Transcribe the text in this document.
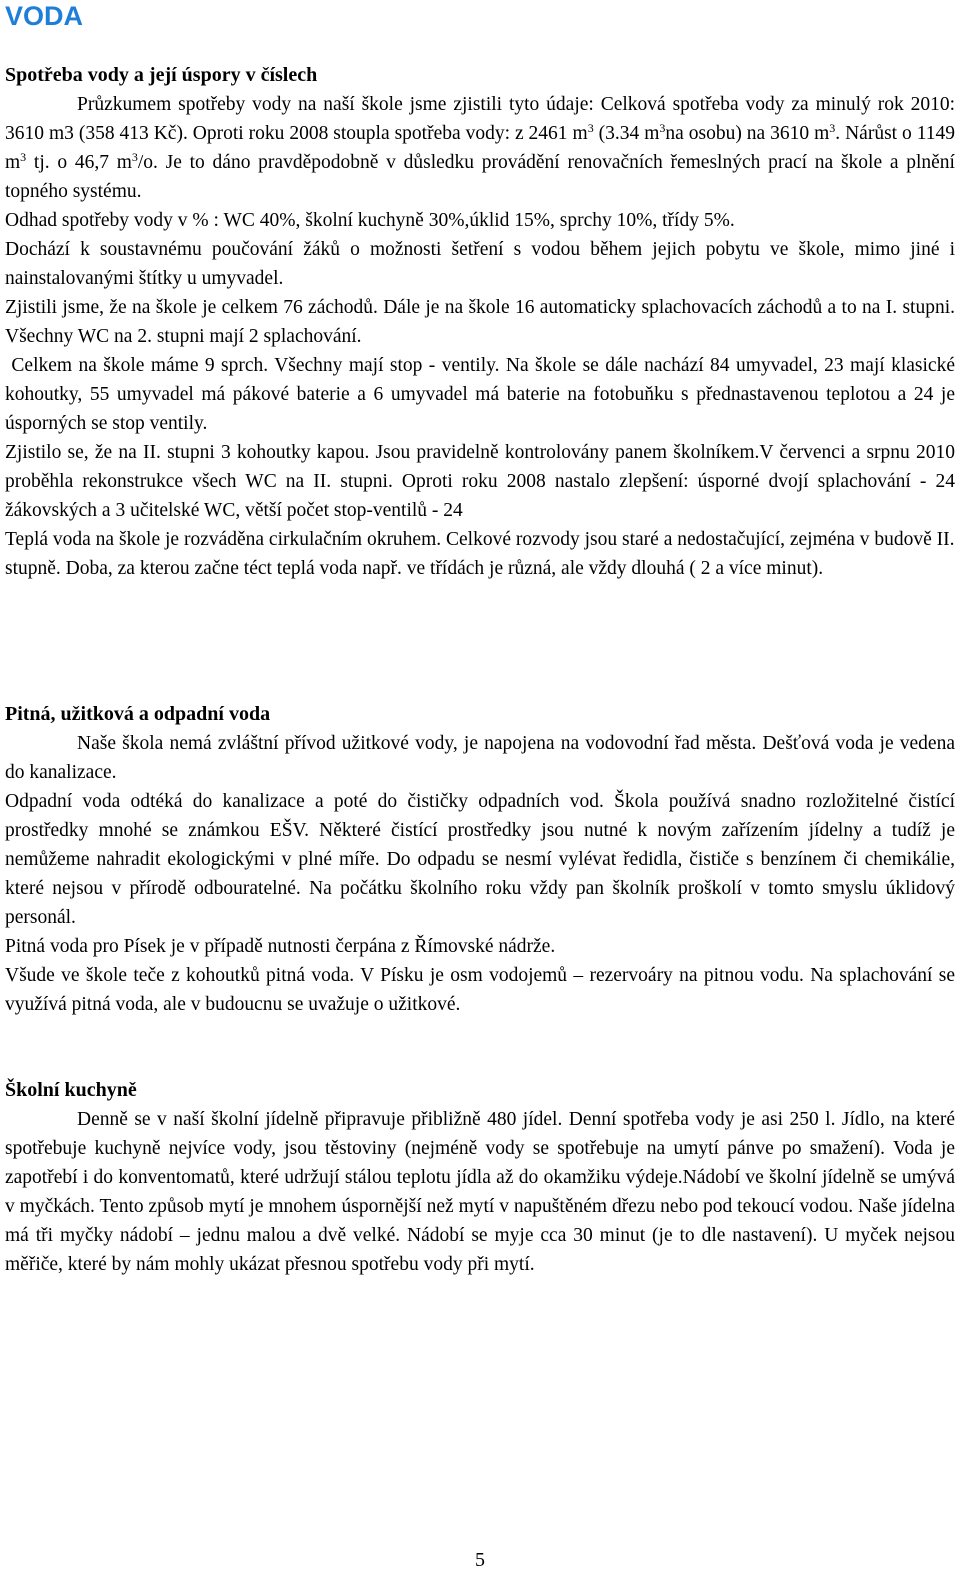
VODA
Spotřeba vody a její úspory v číslech

Průzkumem spotřeby vody na naší škole jsme zjistili tyto údaje: Celková spotřeba vody za minulý rok 2010: 3610 m3 (358 413 Kč). Oproti roku 2008 stoupla spotřeba vody: z 2461 $m^3$ (3.34 $m^3na$ osobu) na 3610 $m^3$. Nárůst o 1149 $m^3$ tj. o 46,7 $m^3/o$. Je to dáno pravděpodobně v důsledku provádění renovačních řemeslných prací na škole a plnění topného systému.

Odhad spotřeby vody v % : WC 40%, školní kuchyně 30%,úklid 15%, sprchy 10%, třídy 5%.

Dochází k soustavnému poučování žáků o možnosti šetření s vodou během jejich pobytu ve škole, mimo jiné i nainstalovanými štítky u umyvadel.

Zjistili jsme, že na škole je celkem 76 záchodů. Dále je na škole 16 automaticky splachovacích záchodů a to na I. stupni. Všechny WC na 2. stupni mají 2 splachování.

Celkem na škole máme 9 sprch. Všechny mají stop - ventily. Na škole se dále nachází 84 umyvadel, 23 mají klasické kohoutky, 55 umyvadel má pákové baterie a 6 umyvadel má baterie na fotobuňku s přednastavenou teplotou a 24 je úsporných se stop ventily.

Zjistilo se, že na II. stupni 3 kohoutky kapou. Jsou pravidelně kontrolovány panem školníkem.V červenci a srpnu 2010 proběhla rekonstrukce všech WC na II. stupni. Oproti roku 2008 nastalo zlepšení: úsporné dvojí splachování - 24 žákovských a 3 učitelské WC, větší počet stop-ventilů - 24

Teplá voda na škole je rozváděna cirkulačním okruhem. Celkové rozvody jsou staré a nedostačující, zejména v budově II. stupně. Doba, za kterou začne téct teplá voda např. ve třídách je různá, ale vždy dlouhá ( 2 a více minut).

Pitná, užitková a odpadní voda

Naše škola nemá zvláštní přívod užitkové vody, je napojena na vodovodní řad města. Dešťová voda je vedena do kanalizace.

Odpadní voda odtéká do kanalizace a poté do čističky odpadních vod. Škola používá snadno rozložitelné čistící prostředky mnohé se známkou EŠV. Některé čistící prostředky jsou nutné k novým zařízením jídelny a tudíž je nemůžeme nahradit ekologickými v plné míře. Do odpadu se nesmí vylévat ředidla, čističe s benzínem či chemikálie, které nejsou v přírodě odbouratelné. Na počátku školního roku vždy pan školník proškolí v tomto smyslu úklidový personál.

Pitná voda pro Písek je v případě nutnosti čerpána z Římovské nádrže.

Všude ve škole teče z kohoutků pitná voda. V Písku je osm vodojemů – rezervoáry na pitnou vodu. Na splachování se využívá pitná voda, ale v budoucnu se uvažuje o užitkové.

Školní kuchyně

Denně se v naší školní jídelně připravuje přibližně 480 jídel. Denní spotřeba vody je asi 250 l. Jídlo, na které spotřebuje kuchyně nejvíce vody, jsou těstoviny (nejméně vody se spotřebuje na umytí pánve po smažení). Voda je zapotřebí i do konventomatů, které udržují stálou teplotu jídla až do okamžiku výdeje.Nádobí ve školní jídelně se umývá v myčkách. Tento způsob mytí je mnohem úspornější než mytí v napuštěném dřezu nebo pod tekoucí vodou. Naše jídelna má tři myčky nádobí – jednu malou a dvě velké. Nádobí se myje cca 30 minut (je to dle nastavení). U myček nejsou měřiče, které by nám mohly ukázat přesnou spotřebu vody při mytí.

5
